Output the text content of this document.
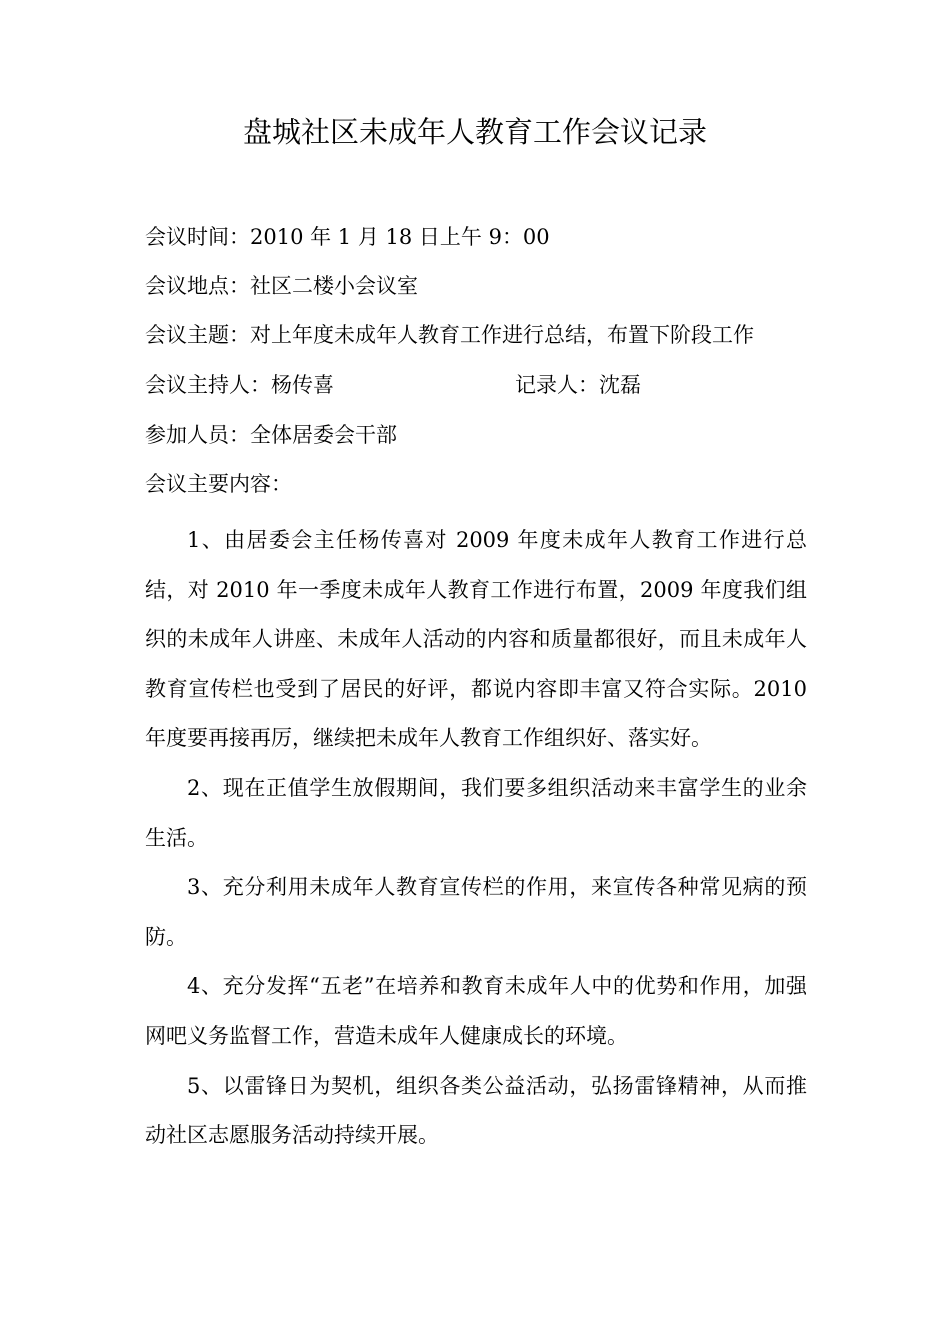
盘城社区未成年人教育工作会议记录
会议时间：2010 年 1 月 18 日上午 9：00
会议地点：社区二楼小会议室
会议主题：对上年度未成年人教育工作进行总结，布置下阶段工作
会议主持人：杨传喜	记录人：沈磊
参加人员：全体居委会干部
会议主要内容：

1、由居委会主任杨传喜对 2009 年度未成年人教育工作进行总结，对 2010 年一季度未成年人教育工作进行布置，2009 年度我们组织的未成年人讲座、未成年人活动的内容和质量都很好，而且未成年人教育宣传栏也受到了居民的好评，都说内容即丰富又符合实际。2010 年度要再接再厉，继续把未成年人教育工作组织好、落实好。

2、现在正值学生放假期间，我们要多组织活动来丰富学生的业余生活。

3、充分利用未成年人教育宣传栏的作用，来宣传各种常见病的预防。

4、充分发挥“五老”在培养和教育未成年人中的优势和作用，加强网吧义务监督工作，营造未成年人健康成长的环境。

5、以雷锋日为契机，组织各类公益活动，弘扬雷锋精神，从而推动社区志愿服务活动持续开展。
